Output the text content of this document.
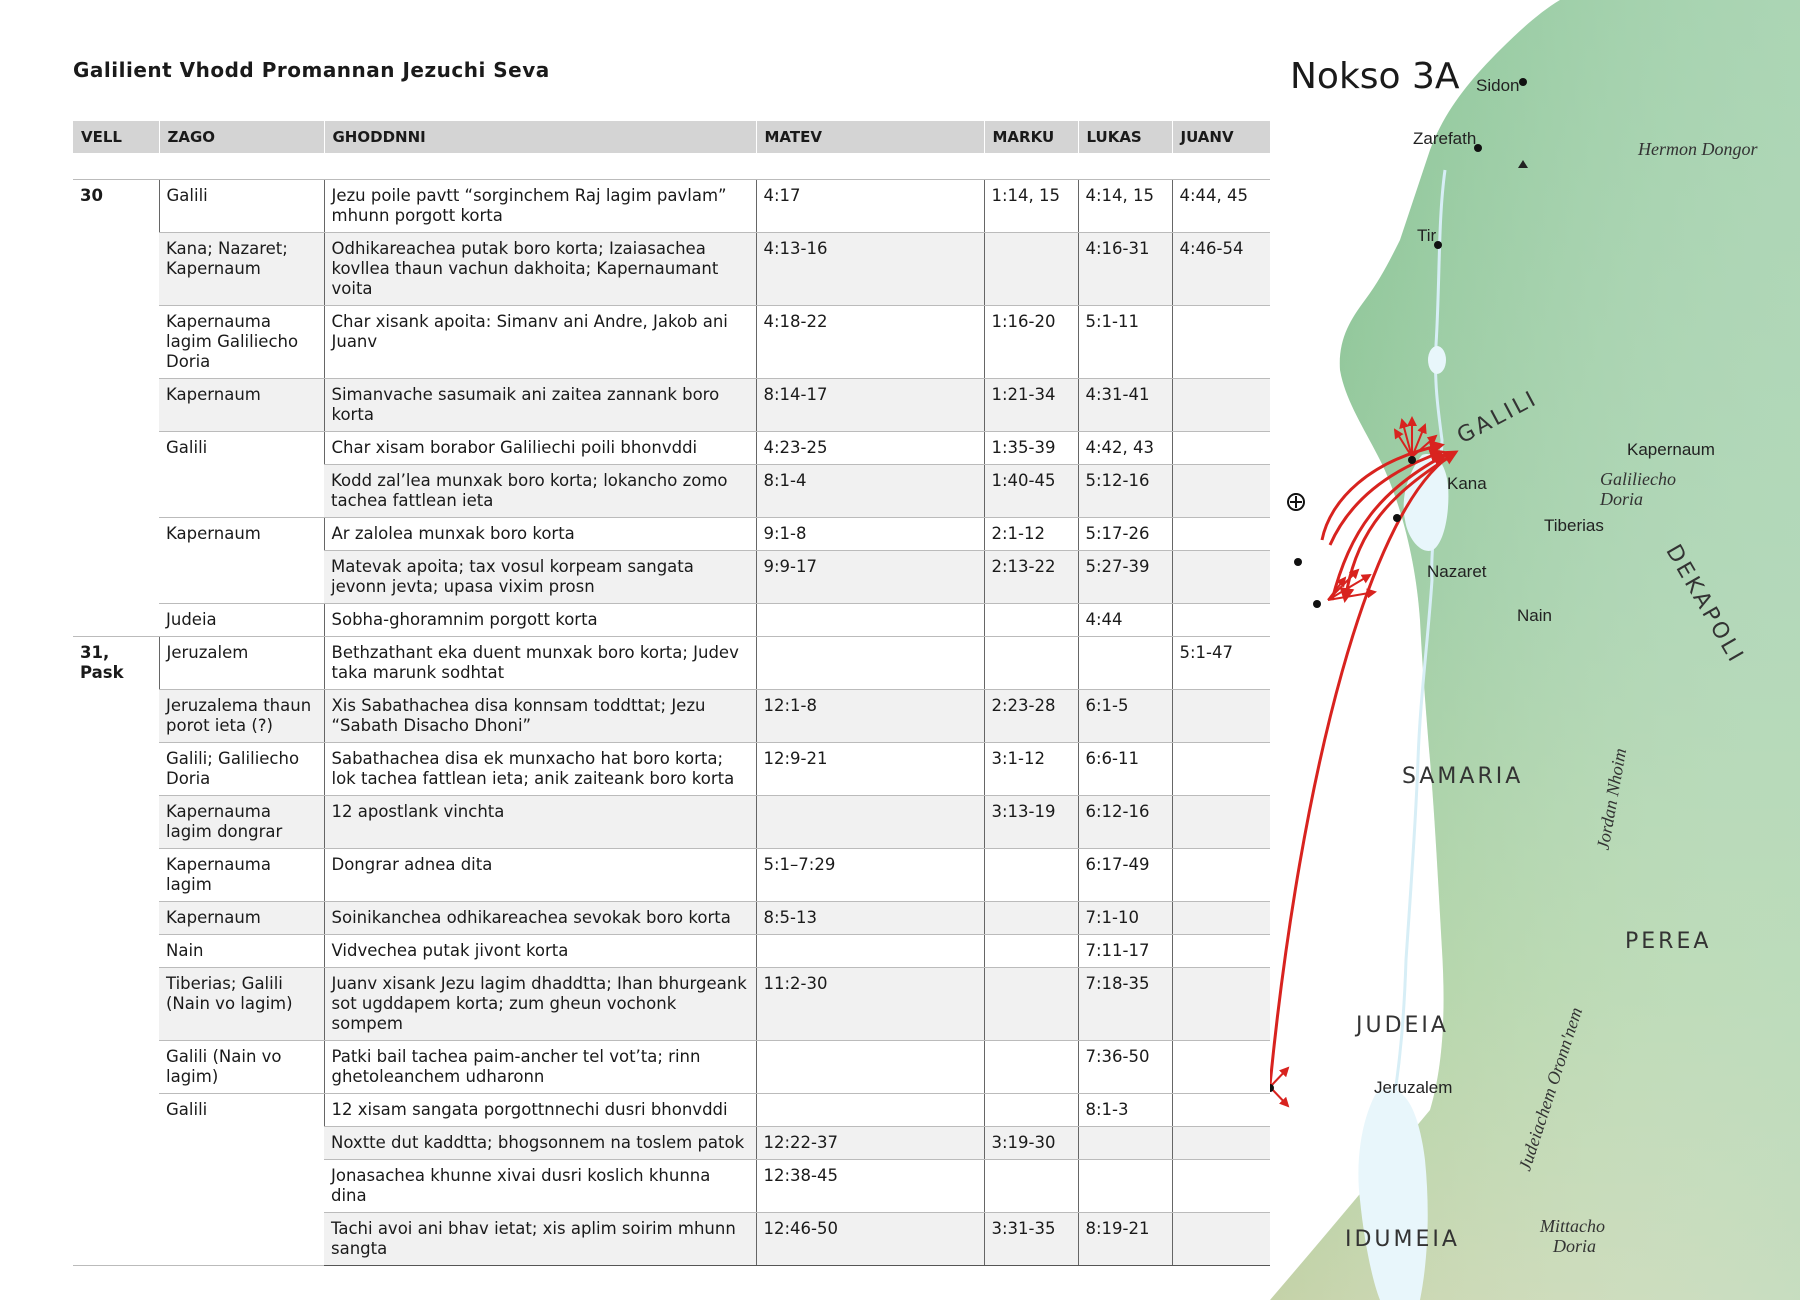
Galilient Vhodd Promannan Jezuchi Seva
VELL	ZAGO	GHODDNNI	MATEV	MARKU	LUKAS	JUANV

30	Galili	Jezu poile pavtt “sorginchem Raj lagim pavlam” mhunn porgott korta	4:17	1:14, 15	4:14, 15	4:44, 45
	Kana; Nazaret; Kapernaum	Odhikareachea putak boro korta; Izaiasachea kovllea thaun vachun dakhoita; Kapernaumant voita	4:13-16		4:16-31	4:46-54
	Kapernauma lagim Galiliecho Doria	Char xisank apoita: Simanv ani Andre, Jakob ani Juanv	4:18-22	1:16-20	5:1-11	
	Kapernaum	Simanvache sasumaik ani zaitea zannank boro korta	8:14-17	1:21-34	4:31-41	
	Galili	Char xisam borabor Galiliechi poili bhonvddi	4:23-25	1:35-39	4:42, 43	
		Kodd zal’lea munxak boro korta; lokancho zomo tachea fattlean ieta	8:1-4	1:40-45	5:12-16	
	Kapernaum	Ar zalolea munxak boro korta	9:1-8	2:1-12	5:17-26	
		Matevak apoita; tax vosul korpeam sangata jevonn jevta; upasa vixim prosn	9:9-17	2:13-22	5:27-39	
	Judeia	Sobha-ghoramnim porgott korta			4:44	
31, Pask	Jeruzalem	Bethzathant eka duent munxak boro korta; Judev taka marunk sodhtat				5:1-47
	Jeruzalema thaun porot ieta (?)	Xis Sabathachea disa konnsam toddttat; Jezu “Sabath Disacho Dhoni”	12:1-8	2:23-28	6:1-5	
	Galili; Galiliecho Doria	Sabathachea disa ek munxacho hat boro korta; lok tachea fattlean ieta; anik zaiteank boro korta	12:9-21	3:1-12	6:6-11	
	Kapernauma lagim dongrar	12 apostlank vinchta		3:13-19	6:12-16	
	Kapernauma lagim	Dongrar adnea dita	5:1–7:29		6:17-49	
	Kapernaum	Soinikanchea odhikareachea sevokak boro korta	8:5-13		7:1-10	
	Nain	Vidvechea putak jivont korta			7:11-17	
	Tiberias; Galili (Nain vo lagim)	Juanv xisank Jezu lagim dhaddtta; Ihan bhurgeank sot ugddapem korta; zum gheun vochonk sompem	11:2-30		7:18-35	
	Galili (Nain vo lagim)	Patki bail tachea paim-ancher tel vot’ta; rinn ghetoleanchem udharonn			7:36-50	
	Galili	12 xisam sangata porgottnnechi dusri bhonvddi			8:1-3	
		Noxtte dut kaddtta; bhogsonnem na toslem patok	12:22-37	3:19-30		
		Jonasachea khunne xivai dusri koslich khunna dina	12:38-45			
		Tachi avoi ani bhav ietat; xis aplim soirim mhunn sangta	12:46-50	3:31-35	8:19-21	
Nokso 3A Sidon
Zarefath
Tir
Hermon Dongor
Kapernaum
Galiliecho
Doria
Kana
Tiberias
Nazaret
Nain
Jeruzalem
GALILI
DEKAPOLI
SAMARIA
PEREA
JUDEIA
IDUMEIA
Jordan Nhoim
Judeiachem Oronn'nem
Mittacho
Doria
